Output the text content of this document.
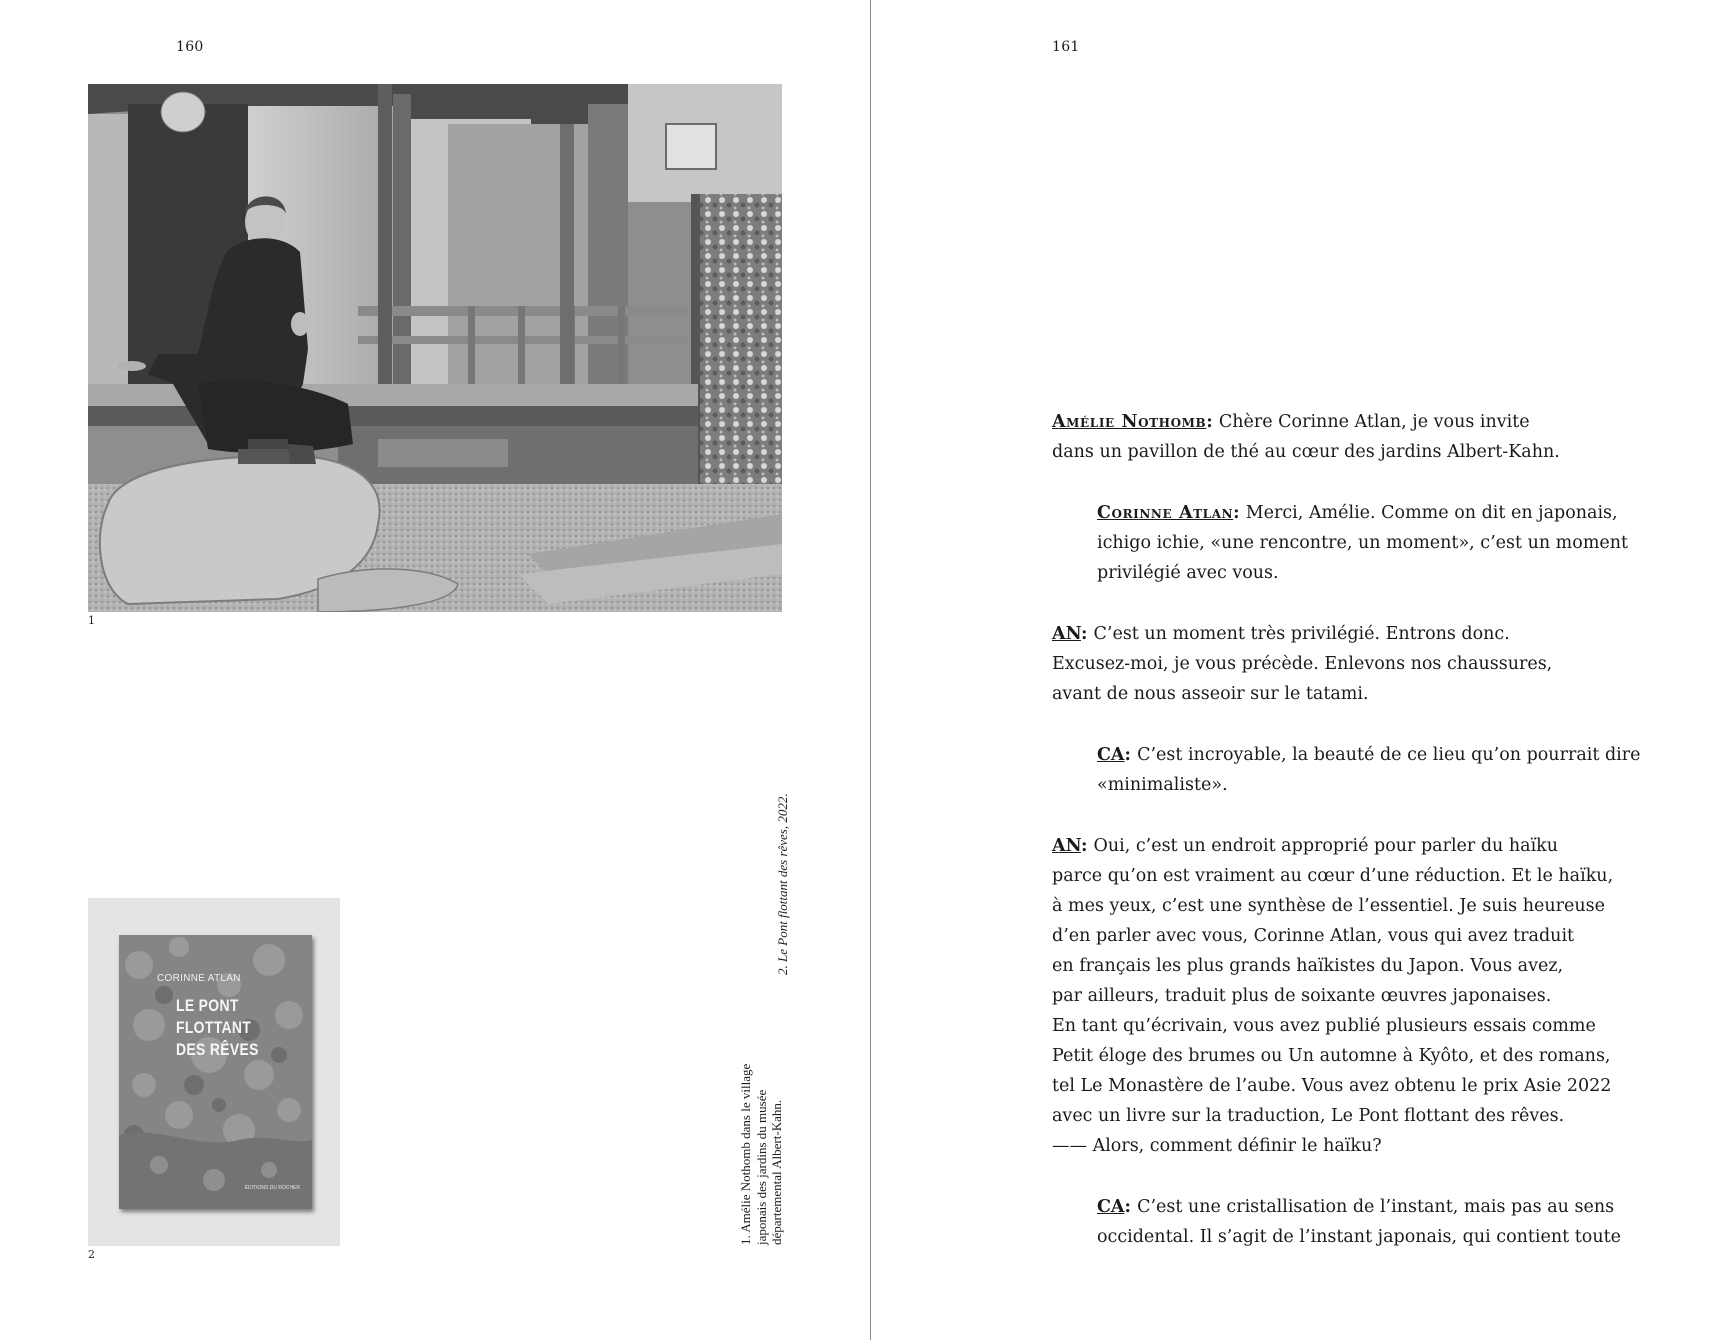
160
1
CORINNE ATLAN
LE PONT
FLOTTANT
DES RÊVES
ÉDITIONS DU ROCHER
2
2. Le Pont flottant des rêves, 2022.
1. Amélie Nothomb dans le village japonais des jardins du musée départemental Albert-Kahn.
161
Amélie Nothomb: Chère Corinne Atlan, je vous invite
dans un pavillon de thé au cœur des jardins Albert-Kahn.
Corinne Atlan: Merci, Amélie. Comme on dit en japonais,
ichigo ichie, «une rencontre, un moment», c’est un moment
privilégié avec vous.
AN: C’est un moment très privilégié. Entrons donc.
Excusez-moi, je vous précède. Enlevons nos chaussures,
avant de nous asseoir sur le tatami.
CA: C’est incroyable, la beauté de ce lieu qu’on pourrait dire
«minimaliste».
AN: Oui, c’est un endroit approprié pour parler du haïku
parce qu’on est vraiment au cœur d’une réduction. Et le haïku,
à mes yeux, c’est une synthèse de l’essentiel. Je suis heureuse
d’en parler avec vous, Corinne Atlan, vous qui avez traduit
en français les plus grands haïkistes du Japon. Vous avez,
par ailleurs, traduit plus de soixante œuvres japonaises.
En tant qu’écrivain, vous avez publié plusieurs essais comme
Petit éloge des brumes ou Un automne à Kyôto, et des romans,
tel Le Monastère de l’aube. Vous avez obtenu le prix Asie 2022
avec un livre sur la traduction, Le Pont flottant des rêves.
—— Alors, comment définir le haïku?
CA: C’est une cristallisation de l’instant, mais pas au sens
occidental. Il s’agit de l’instant japonais, qui contient toute
